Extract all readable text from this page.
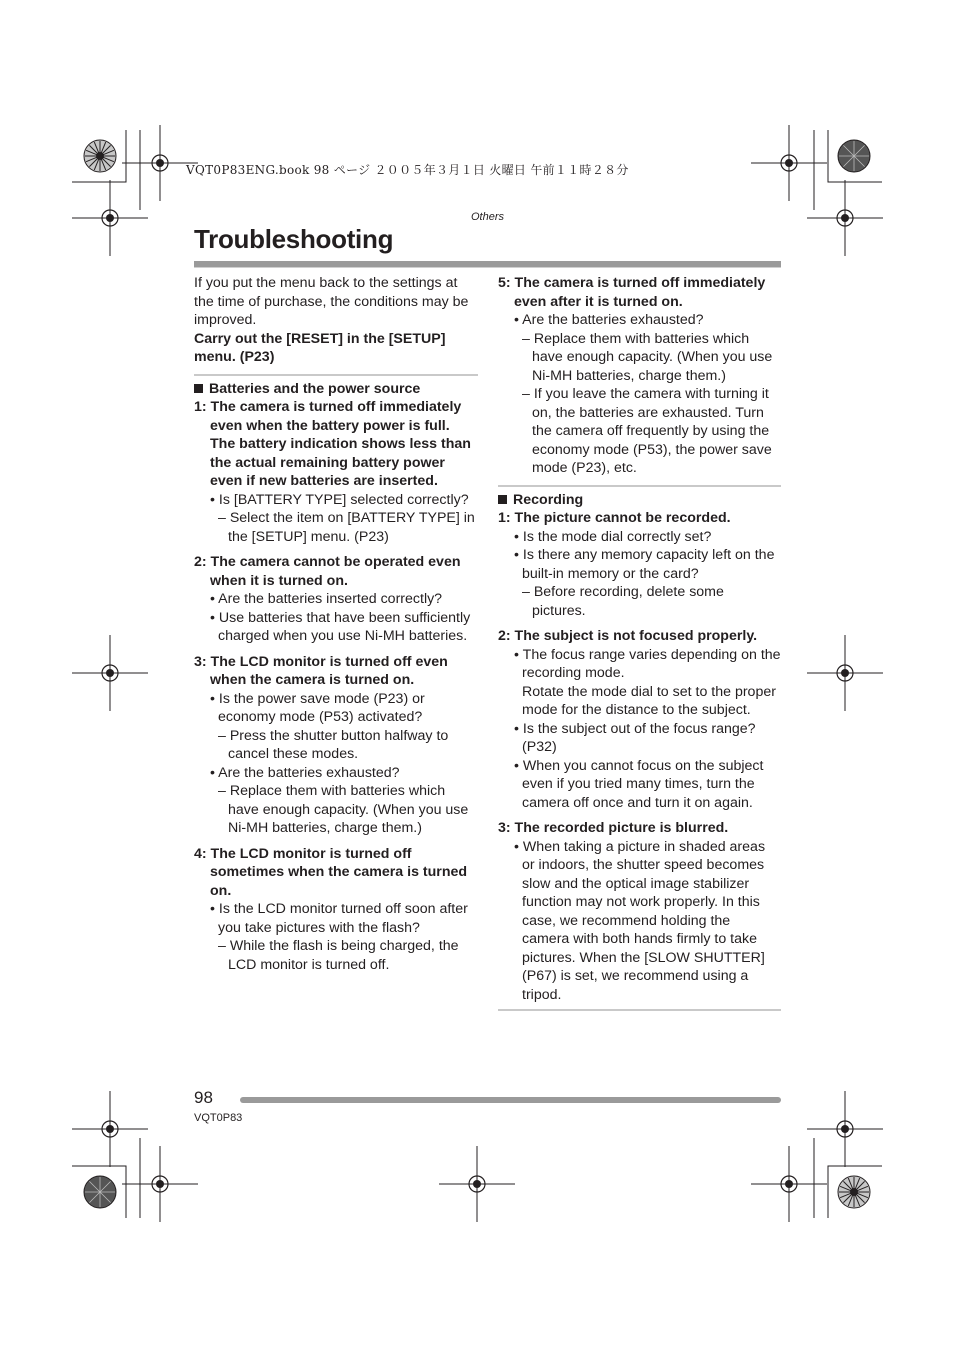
VQT0P83ENG.book 98 ページ ２００５年３月１日 火曜日 午前１１時２８分
Others
Troubleshooting

If you put the menu back to the settings at the time of purchase, the conditions may be improved.

Carry out the [RESET] in the [SETUP] menu. (P23)

Batteries and the power source

1: The camera is turned off immediately even when the battery power is full. The battery indication shows less than the actual remaining battery power even if new batteries are inserted.

• Is [BATTERY TYPE] selected correctly?

– Select the item on [BATTERY TYPE] in the [SETUP] menu. (P23)

2: The camera cannot be operated even when it is turned on.

• Are the batteries inserted correctly?

• Use batteries that have been sufficiently charged when you use Ni-MH batteries.

3: The LCD monitor is turned off even when the camera is turned on.

• Is the power save mode (P23) or economy mode (P53) activated?

– Press the shutter button halfway to cancel these modes.

• Are the batteries exhausted?

– Replace them with batteries which have enough capacity. (When you use Ni-MH batteries, charge them.)

4: The LCD monitor is turned off sometimes when the camera is turned on.

• Is the LCD monitor turned off soon after you take pictures with the flash?

– While the flash is being charged, the LCD monitor is turned off.

5: The camera is turned off immediately even after it is turned on.

• Are the batteries exhausted?

– Replace them with batteries which have enough capacity. (When you use Ni-MH batteries, charge them.)

– If you leave the camera with turning it on, the batteries are exhausted. Turn the camera off frequently by using the economy mode (P53), the power save mode (P23), etc.

Recording

1: The picture cannot be recorded.

• Is the mode dial correctly set?

• Is there any memory capacity left on the built-in memory or the card?

– Before recording, delete some pictures.

2: The subject is not focused properly.

• The focus range varies depending on the recording mode.

Rotate the mode dial to set to the proper mode for the distance to the subject.

• Is the subject out of the focus range? (P32)

• When you cannot focus on the subject even if you tried many times, turn the camera off once and turn it on again.

3: The recorded picture is blurred.

• When taking a picture in shaded areas or indoors, the shutter speed becomes slow and the optical image stabilizer function may not work properly. In this case, we recommend holding the camera with both hands firmly to take pictures. When the [SLOW SHUTTER] (P67) is set, we recommend using a tripod.

98
VQT0P83
